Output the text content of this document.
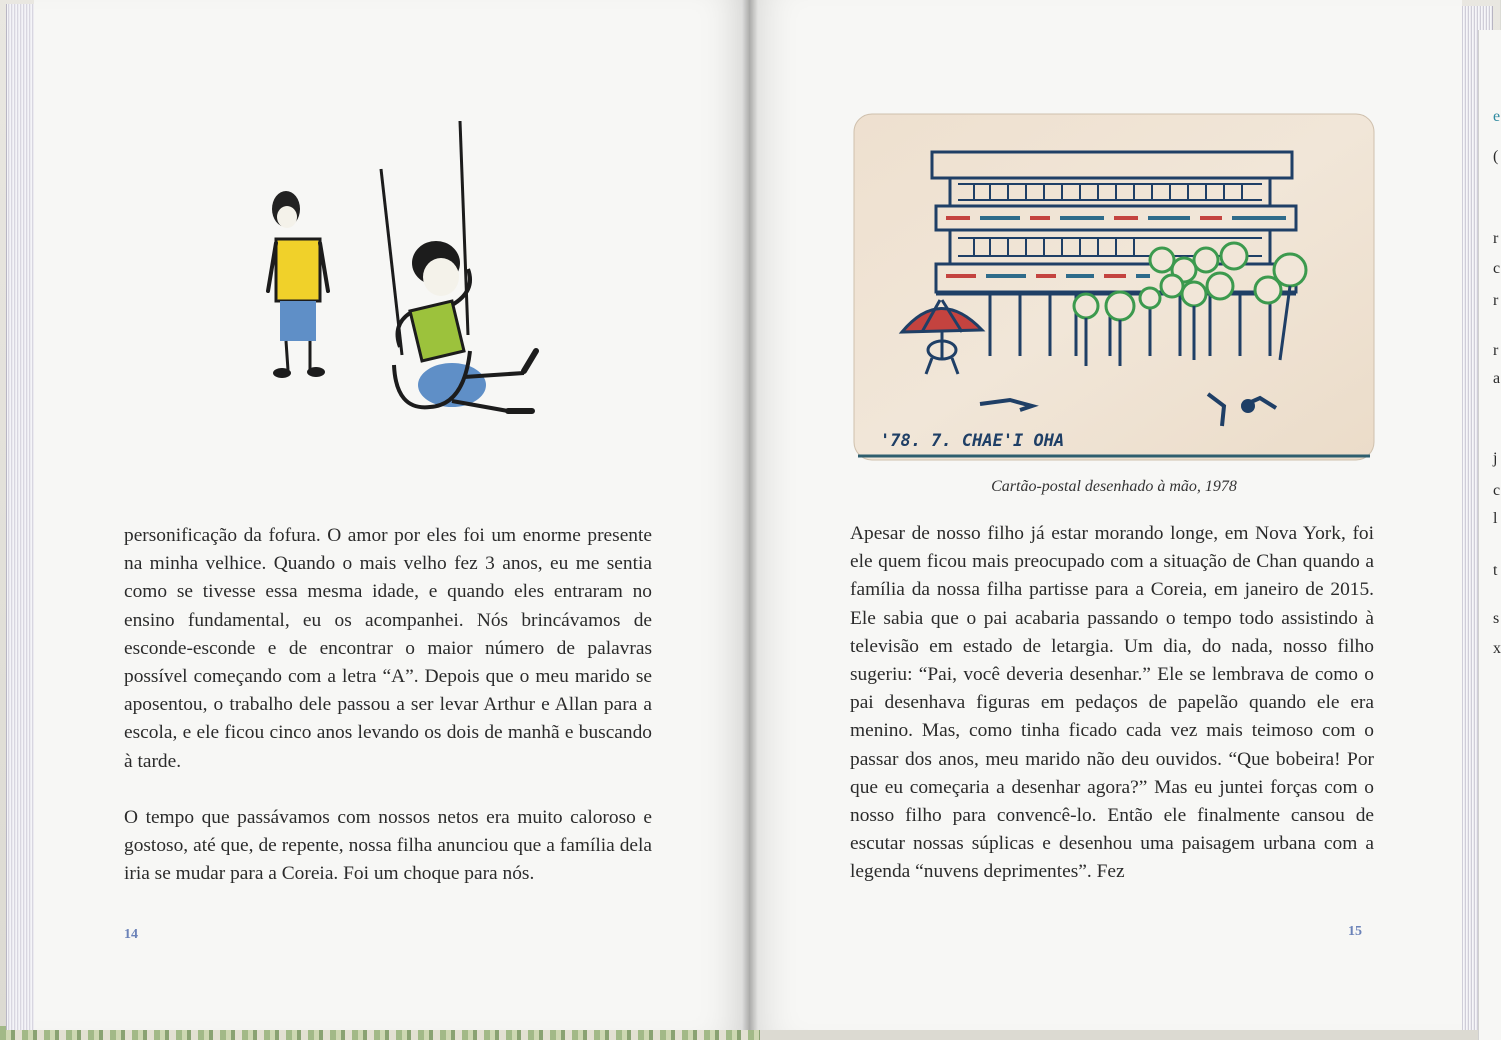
e
(
r
c
r
r
a
j
c
l
t
s
x

personificação da fofura. O amor por eles foi um enorme presente na minha velhice. Quando o mais velho fez 3 anos, eu me sentia como se tivesse essa mesma idade, e quando eles entraram no ensino fundamental, eu os acompanhei. Nós brincávamos de esconde-esconde e de encontrar o maior número de palavras possível começando com a letra “A”. Depois que o meu marido se aposentou, o trabalho dele passou a ser levar Arthur e Allan para a escola, e ele ficou cinco anos levando os dois de manhã e buscando à tarde.

O tempo que passávamos com nossos netos era muito caloroso e gostoso, até que, de repente, nossa filha anunciou que a família dela iria se mudar para a Coreia. Foi um choque para nós.

14
'78. 7. CHAE'I OHA
Cartão-postal desenhado à mão, 1978

Apesar de nosso filho já estar morando longe, em Nova York, foi ele quem ficou mais preocupado com a situação de Chan quando a família da nossa filha partisse para a Coreia, em janeiro de 2015. Ele sabia que o pai acabaria passando o tempo todo assistindo à televisão em estado de letargia. Um dia, do nada, nosso filho sugeriu: “Pai, você deveria desenhar.” Ele se lembrava de como o pai desenhava figuras em pedaços de papelão quando ele era menino. Mas, como tinha ficado cada vez mais teimoso com o passar dos anos, meu marido não deu ouvidos. “Que bobeira! Por que eu começaria a desenhar agora?” Mas eu juntei forças com o nosso filho para convencê-lo. Então ele finalmente cansou de escutar nossas súplicas e desenhou uma paisagem urbana com a legenda “nuvens deprimentes”. Fez

15
